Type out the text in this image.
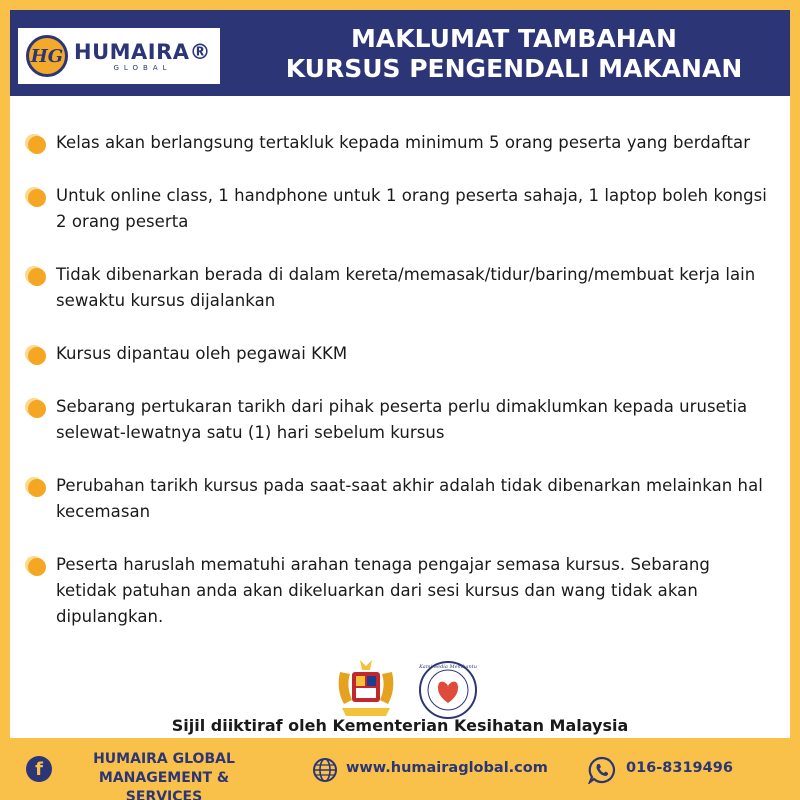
HG HUMAIRA®
GLOBAL
MAKLUMAT TAMBAHAN
KURSUS PENGENDALI MAKANAN
Kelas akan berlangsung tertakluk kepada minimum 5 orang peserta yang berdaftar
Untuk online class, 1 handphone untuk 1 orang peserta sahaja, 1 laptop boleh kongsi 2 orang peserta
Tidak dibenarkan berada di dalam kereta/memasak/tidur/baring/membuat kerja lain sewaktu kursus dijalankan
Kursus dipantau oleh pegawai KKM
Sebarang pertukaran tarikh dari pihak peserta perlu dimaklumkan kepada urusetia selewat-lewatnya satu (1) hari sebelum kursus
Perubahan tarikh kursus pada saat-saat akhir adalah tidak dibenarkan melainkan hal kecemasan
Peserta haruslah mematuhi arahan tenaga pengajar semasa kursus. Sebarang ketidak patuhan anda akan dikeluarkan dari sesi kursus dan wang tidak akan dipulangkan.
Kami Sedia Membantu
Sijil diiktiraf oleh Kementerian Kesihatan Malaysia
f	HUMAIRA GLOBAL
MANAGEMENT & SERVICES
www.humairaglobal.com	016-8319496
